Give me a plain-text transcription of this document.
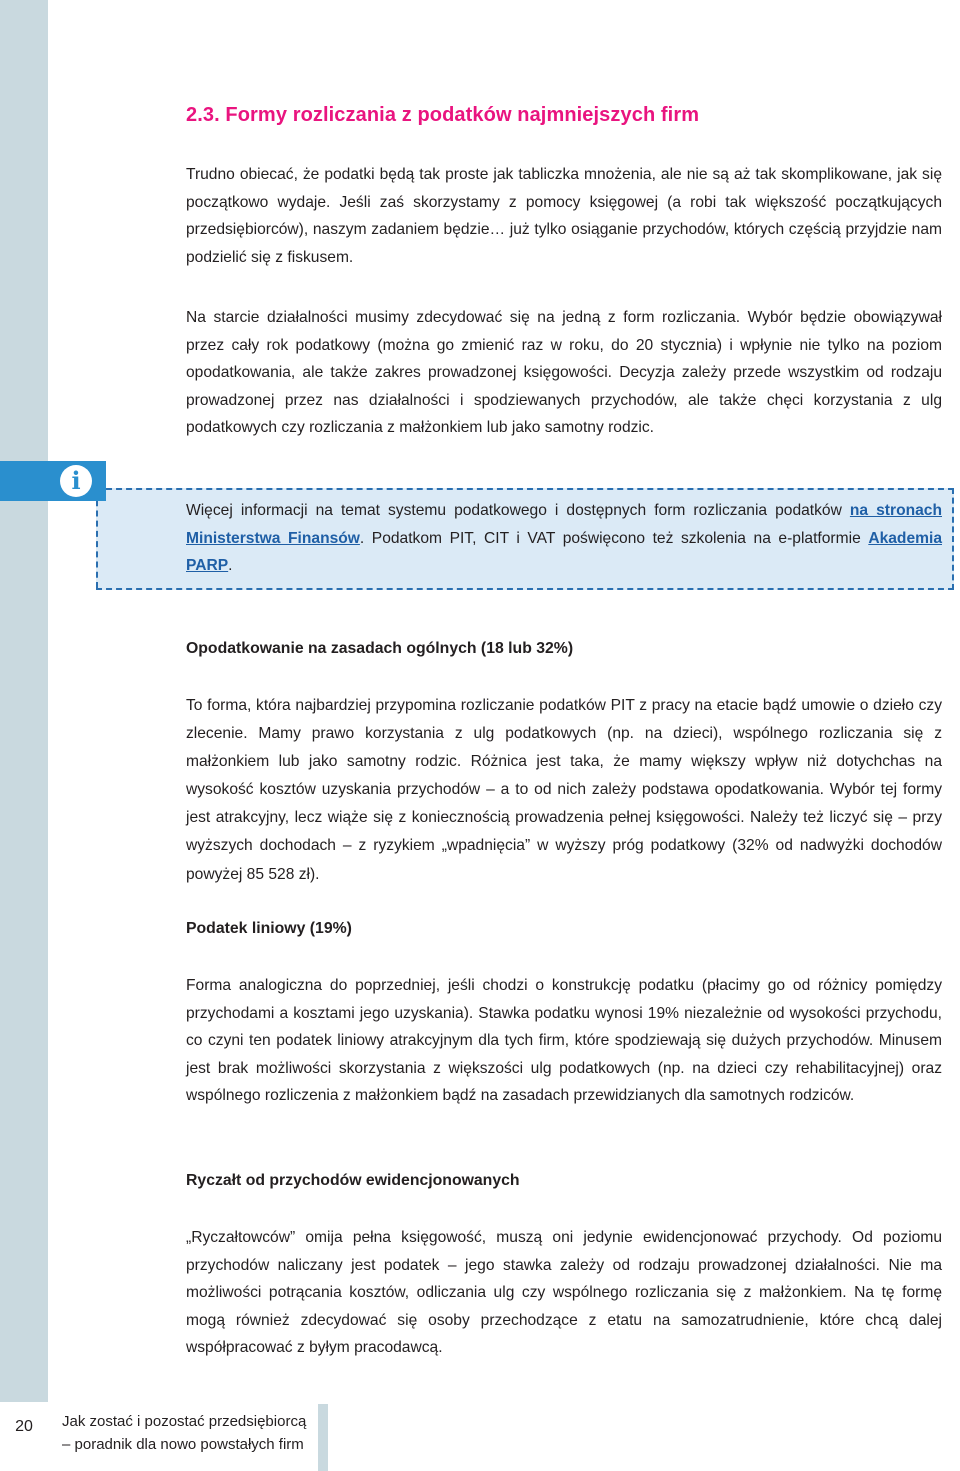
2.3. Formy rozliczania z podatków najmniejszych firm

Trudno obiecać, że podatki będą tak proste jak tabliczka mnożenia, ale nie są aż tak skomplikowane, jak się początkowo wydaje. Jeśli zaś skorzystamy z pomocy księgowej (a robi tak większość początkujących przedsiębiorców), naszym zadaniem będzie… już tylko osiąganie przychodów, których częścią przyjdzie nam podzielić się z fiskusem.

Na starcie działalności musimy zdecydować się na jedną z form rozliczania. Wybór będzie obowiązywał przez cały rok podatkowy (można go zmienić raz w roku, do 20 stycznia) i wpłynie nie tylko na poziom opodatkowania, ale także zakres prowadzonej księgowości. Decyzja zależy przede wszystkim od rodzaju prowadzonej przez nas działalności i spodziewanych przychodów, ale także chęci korzystania z ulg podatkowych czy rozliczania z małżonkiem lub jako samotny rodzic.

i

Więcej informacji na temat systemu podatkowego i dostępnych form rozliczania podatków na stronach Ministerstwa Finansów. Podatkom PIT, CIT i VAT poświęcono też szkolenia na e-platformie Akademia PARP.

Opodatkowanie na zasadach ogólnych (18 lub 32%)

To forma, która najbardziej przypomina rozliczanie podatków PIT z pracy na etacie bądź umowie o dzieło czy zlecenie. Mamy prawo korzystania z ulg podatkowych (np. na dzieci), wspólnego rozliczania się z małżonkiem lub jako samotny rodzic. Różnica jest taka, że mamy większy wpływ niż dotychchas na wysokość kosztów uzyskania przychodów – a to od nich zależy podstawa opodatkowania. Wybór tej formy jest atrakcyjny, lecz wiąże się z koniecznością prowadzenia pełnej księgowości. Należy też liczyć się – przy wyższych dochodach – z ryzykiem „wpadnięcia” w wyższy próg podatkowy (32% od nadwyżki dochodów powyżej 85 528 zł).

Podatek liniowy (19%)

Forma analogiczna do poprzedniej, jeśli chodzi o konstrukcję podatku (płacimy go od różnicy pomiędzy przychodami a kosztami jego uzyskania). Stawka podatku wynosi 19% niezależnie od wysokości przychodu, co czyni ten podatek liniowy atrakcyjnym dla tych firm, które spodziewają się dużych przychodów. Minusem jest brak możliwości skorzystania z większości ulg podatkowych (np. na dzieci czy rehabilitacyjnej) oraz wspólnego rozliczenia z małżonkiem bądź na zasadach przewidzianych dla samotnych rodziców.

Ryczałt od przychodów ewidencjonowanych

„Ryczałtowców” omija pełna księgowość, muszą oni jedynie ewidencjonować przychody. Od poziomu przychodów naliczany jest podatek – jego stawka zależy od rodzaju prowadzonej działalności. Nie ma możliwości potrącania kosztów, odliczania ulg czy wspólnego rozliczania się z małżonkiem. Na tę formę mogą również zdecydować się osoby przechodzące z etatu na samozatrudnienie, które chcą dalej współpracować z byłym pracodawcą.

20	Jak zostać i pozostać przedsiębiorcą
– poradnik dla nowo powstałych firm
